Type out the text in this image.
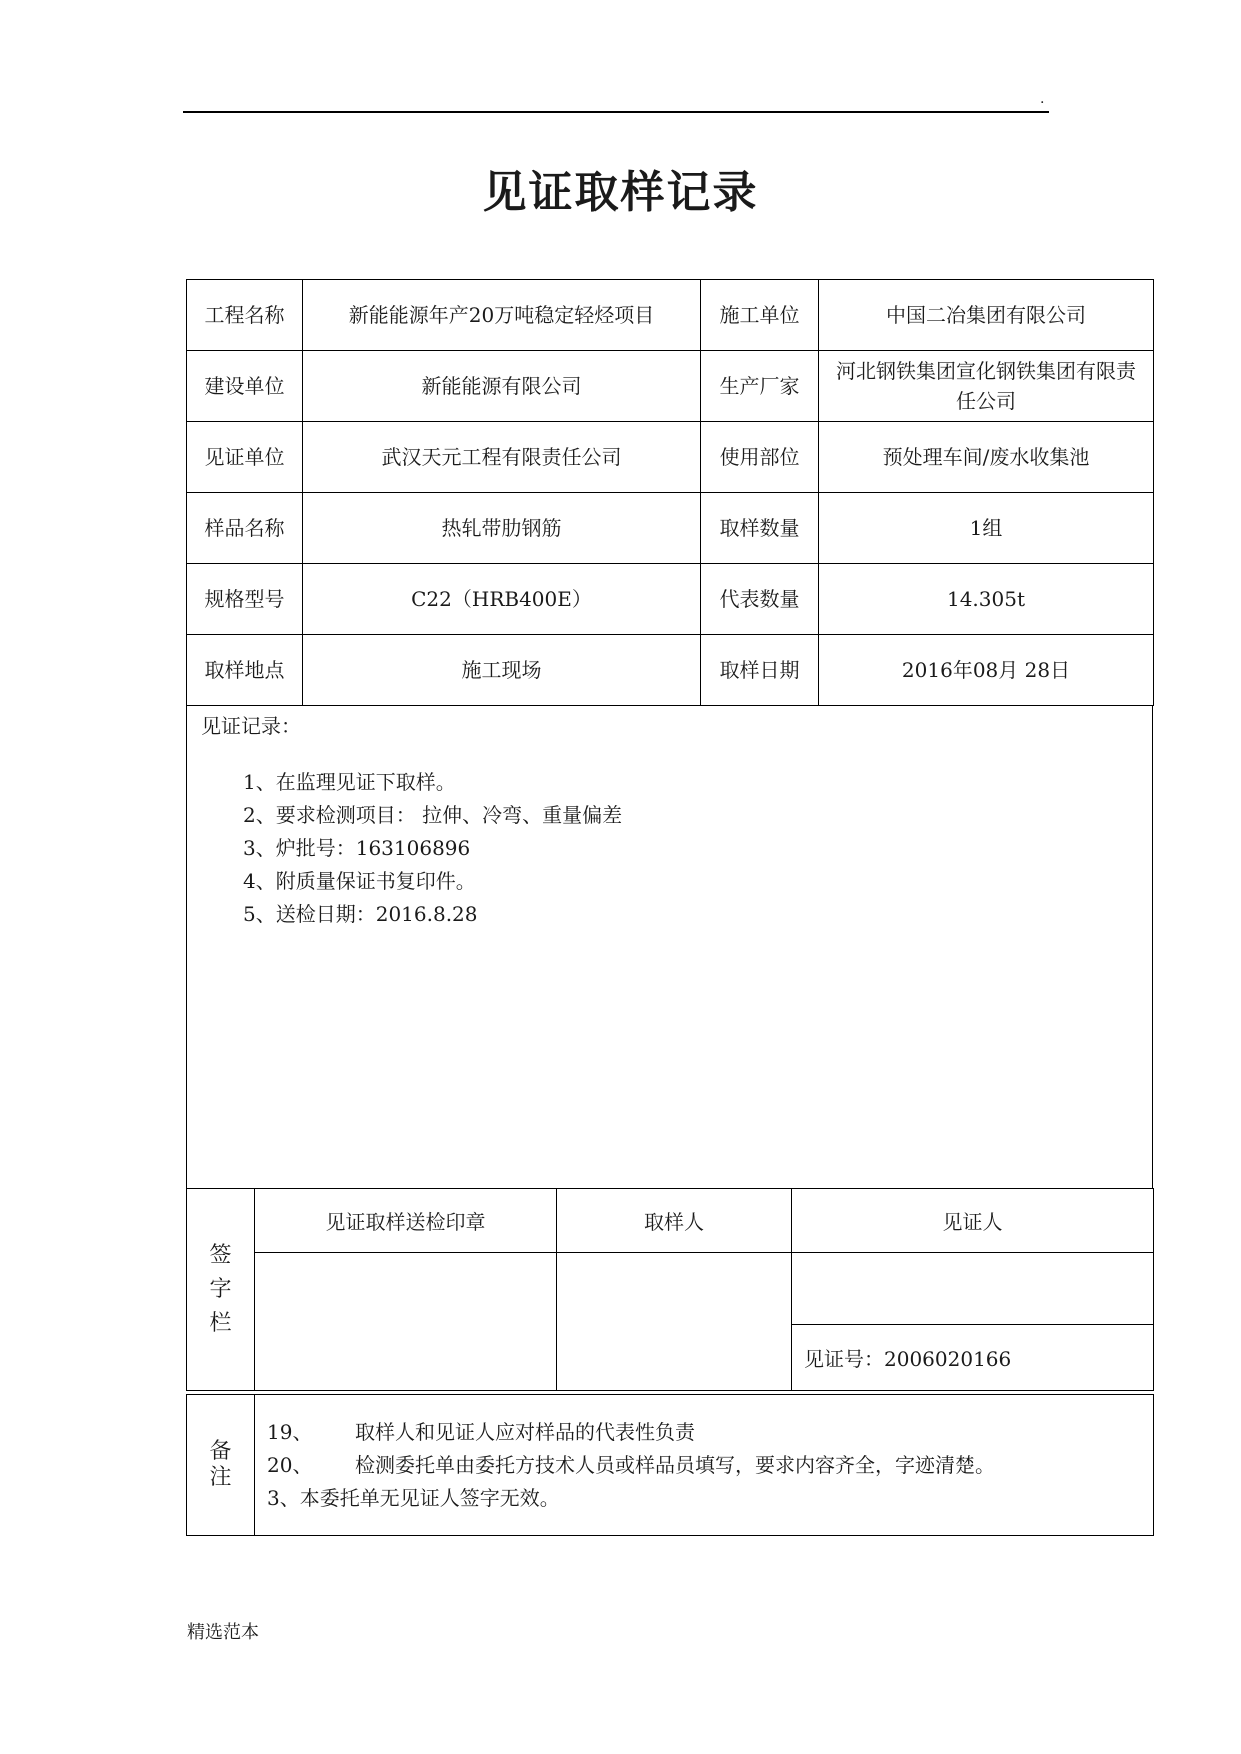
.
见证取样记录
工程名称	新能能源年产20万吨稳定轻烃项目	施工单位	中国二冶集团有限公司
建设单位	新能能源有限公司	生产厂家	河北钢铁集团宣化钢铁集团有限责任公司
见证单位	武汉天元工程有限责任公司	使用部位	预处理车间/废水收集池
样品名称	热轧带肋钢筋	取样数量	1组
规格型号	C22（HRB400E）	代表数量	14.305t
取样地点	施工现场	取样日期	2016年08月 28日
见证记录：
1、在监理见证下取样。
2、要求检测项目： 拉伸、冷弯、重量偏差
3、炉批号：163106896
4、附质量保证书复印件。
5、送检日期：2016.8.28
签
字
栏	见证取样送检印章	取样人	见证人

见证号：2006020166
备
注

19、 取样人和见证人应对样品的代表性负责
20、 检测委托单由委托方技术人员或样品员填写，要求内容齐全，字迹清楚。
3、本委托单无见证人签字无效。
精选范本
